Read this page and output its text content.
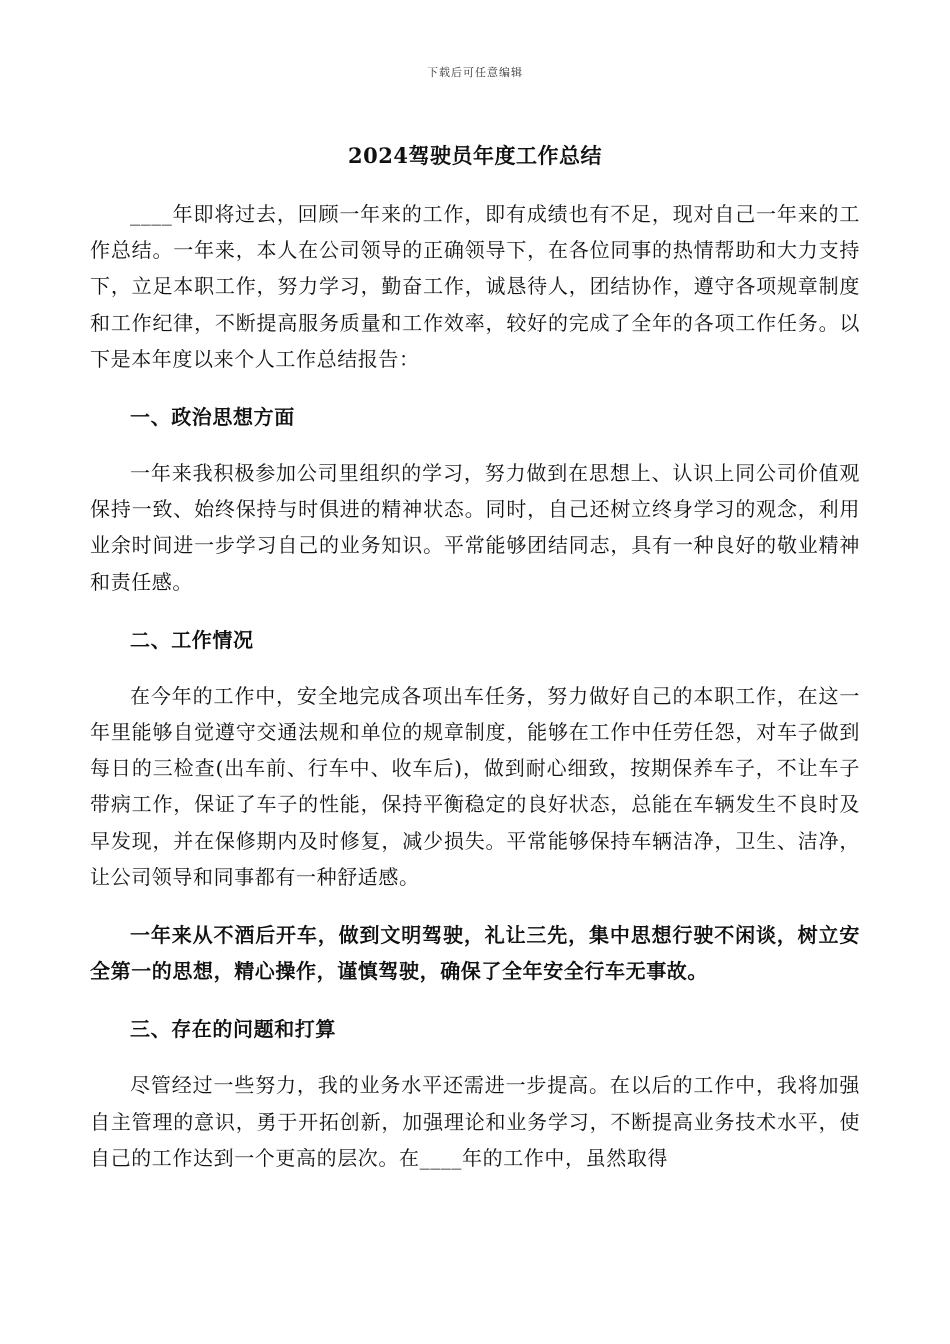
下载后可任意编辑
2024驾驶员年度工作总结

____年即将过去，回顾一年来的工作，即有成绩也有不足，现对自己一年来的工作总结。一年来，本人在公司领导的正确领导下，在各位同事的热情帮助和大力支持下，立足本职工作，努力学习，勤奋工作，诚恳待人，团结协作，遵守各项规章制度和工作纪律，不断提高服务质量和工作效率，较好的完成了全年的各项工作任务。以下是本年度以来个人工作总结报告：

一、政治思想方面

一年来我积极参加公司里组织的学习，努力做到在思想上、认识上同公司价值观保持一致、始终保持与时俱进的精神状态。同时，自己还树立终身学习的观念，利用业余时间进一步学习自己的业务知识。平常能够团结同志，具有一种良好的敬业精神和责任感。

二、工作情况

在今年的工作中，安全地完成各项出车任务，努力做好自己的本职工作，在这一年里能够自觉遵守交通法规和单位的规章制度，能够在工作中任劳任怨，对车子做到每日的三检查(出车前、行车中、收车后)，做到耐心细致，按期保养车子，不让车子带病工作，保证了车子的性能，保持平衡稳定的良好状态，总能在车辆发生不良时及早发现，并在保修期内及时修复，减少损失。平常能够保持车辆洁净，卫生、洁净，让公司领导和同事都有一种舒适感。

一年来从不酒后开车，做到文明驾驶，礼让三先，集中思想行驶不闲谈，树立安全第一的思想，精心操作，谨慎驾驶，确保了全年安全行车无事故。

三、存在的问题和打算

尽管经过一些努力，我的业务水平还需进一步提高。在以后的工作中，我将加强自主管理的意识，勇于开拓创新，加强理论和业务学习，不断提高业务技术水平，使自己的工作达到一个更高的层次。在____年的工作中，虽然取得
